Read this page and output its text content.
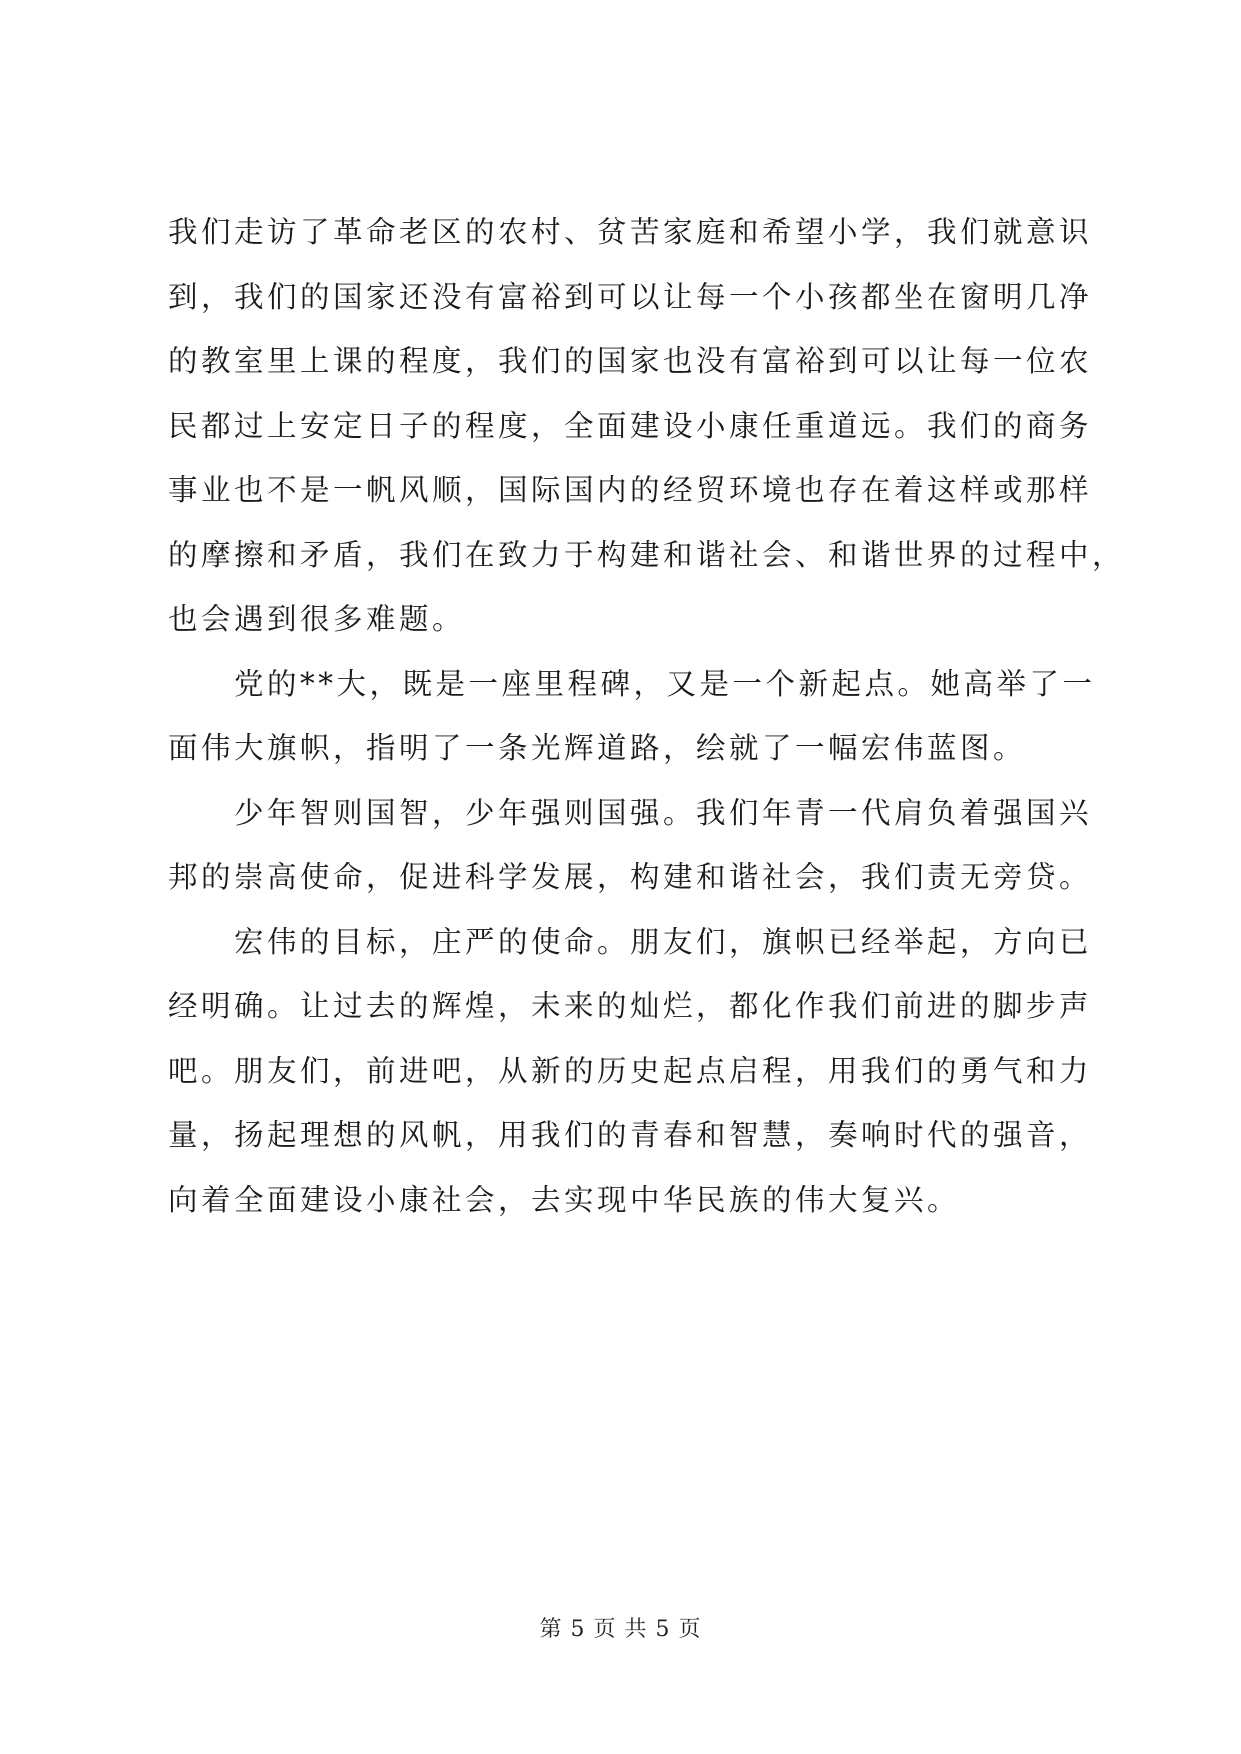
我们走访了革命老区的农村、贫苦家庭和希望小学，我们就意识
到，我们的国家还没有富裕到可以让每一个小孩都坐在窗明几净
的教室里上课的程度，我们的国家也没有富裕到可以让每一位农
民都过上安定日子的程度，全面建设小康任重道远。我们的商务
事业也不是一帆风顺，国际国内的经贸环境也存在着这样或那样
的摩擦和矛盾，我们在致力于构建和谐社会、和谐世界的过程中，
也会遇到很多难题。

　　党的**大，既是一座里程碑，又是一个新起点。她高举了一
面伟大旗帜，指明了一条光辉道路，绘就了一幅宏伟蓝图。

　　少年智则国智，少年强则国强。我们年青一代肩负着强国兴
邦的崇高使命，促进科学发展，构建和谐社会，我们责无旁贷。

　　宏伟的目标，庄严的使命。朋友们，旗帜已经举起，方向已
经明确。让过去的辉煌，未来的灿烂，都化作我们前进的脚步声
吧。朋友们，前进吧，从新的历史起点启程，用我们的勇气和力
量，扬起理想的风帆，用我们的青春和智慧，奏响时代的强音，
向着全面建设小康社会，去实现中华民族的伟大复兴。

第 5 页 共 5 页
